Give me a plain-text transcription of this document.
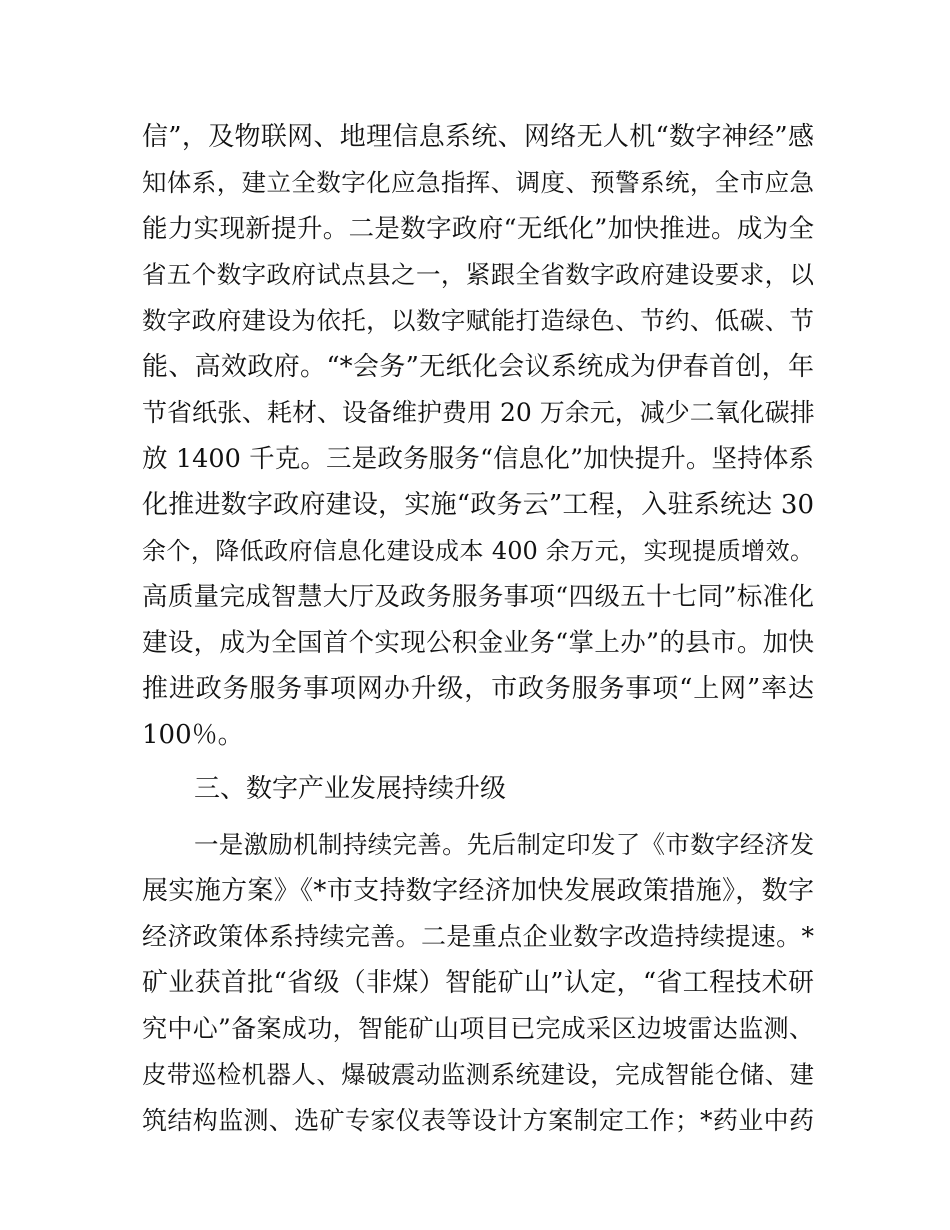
信”，及物联网、地理信息系统、网络无人机“数字神经”感
知体系，建立全数字化应急指挥、调度、预警系统，全市应急
能力实现新提升。二是数字政府“无纸化”加快推进。成为全
省五个数字政府试点县之一，紧跟全省数字政府建设要求，以
数字政府建设为依托，以数字赋能打造绿色、节约、低碳、节
能、高效政府。“*会务”无纸化会议系统成为伊春首创，年
节省纸张、耗材、设备维护费用 20 万余元，减少二氧化碳排
放 1400 千克。三是政务服务“信息化”加快提升。坚持体系
化推进数字政府建设，实施“政务云”工程，入驻系统达 30
余个，降低政府信息化建设成本 400 余万元，实现提质增效。
高质量完成智慧大厅及政务服务事项“四级五十七同”标准化
建设，成为全国首个实现公积金业务“掌上办”的县市。加快
推进政务服务事项网办升级，市政务服务事项“上网”率达
100％。
三、数字产业发展持续升级
一是激励机制持续完善。先后制定印发了《市数字经济发
展实施方案》《*市支持数字经济加快发展政策措施》，数字
经济政策体系持续完善。二是重点企业数字改造持续提速。*
矿业获首批“省级（非煤）智能矿山”认定，“省工程技术研
究中心”备案成功，智能矿山项目已完成采区边坡雷达监测、
皮带巡检机器人、爆破震动监测系统建设，完成智能仓储、建
筑结构监测、选矿专家仪表等设计方案制定工作；*药业中药
